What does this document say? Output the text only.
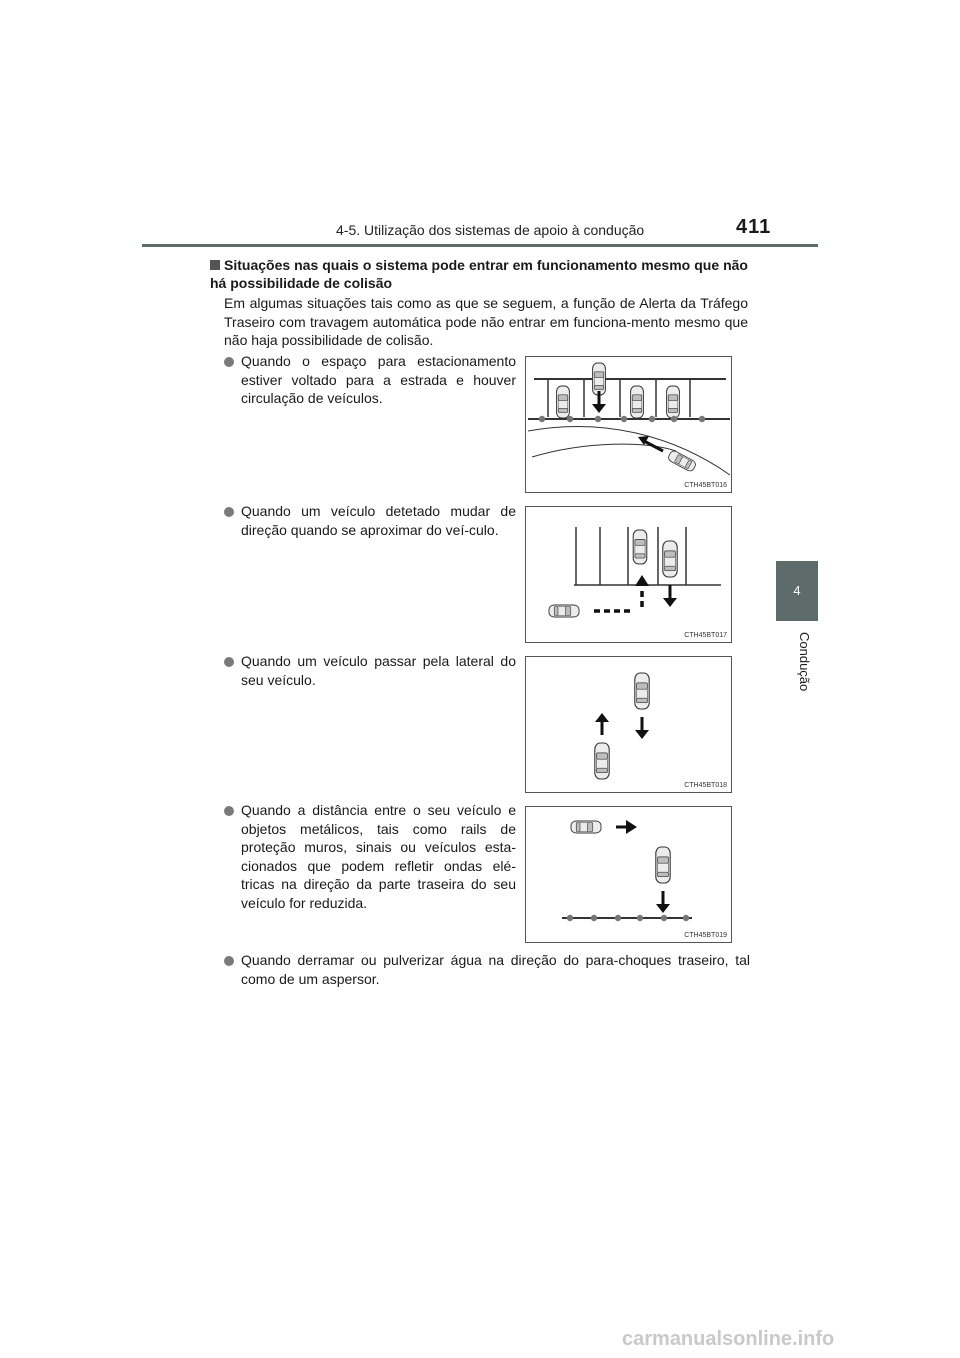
4-5. Utilização dos sistemas de apoio à condução	411
4
Condução
Situações nas quais o sistema pode entrar em funcionamento mesmo que não há possibilidade de colisão
Em algumas situações tais como as que se seguem, a função de Alerta da Tráfego Traseiro com travagem automática pode não entrar em funciona-mento mesmo que não haja possibilidade de colisão.
Quando o espaço para estacionamento estiver voltado para a estrada e houver circulação de veículos.
Quando um veículo detetado mudar de direção quando se aproximar do veí-culo.
Quando um veículo passar pela lateral do seu veículo.
Quando a distância entre o seu veículo e objetos metálicos, tais como rails de proteção muros, sinais ou veículos esta-cionados que podem refletir ondas elé-tricas na direção da parte traseira do seu veículo for reduzida.
Quando derramar ou pulverizar água na direção do para-choques traseiro, tal como de um aspersor.
CTH45BT016
CTH45BT017
CTH45BT018
CTH45BT019
carmanualsonline.info
